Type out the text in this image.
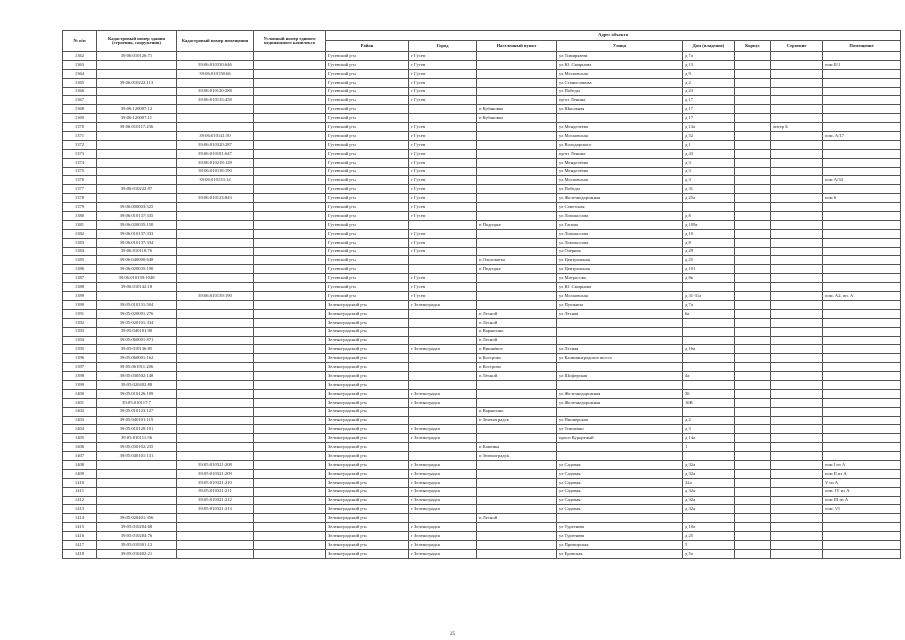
№ п/п	Кадастровый номер здания (строения, сооружения)	Кадастровый номер помещения	Условный номер единого недвижимого комплекса	Адрес объекта							
				Район	Город	Населенный пункт	Улица	Дом (владение)	Корпус	Строение	Помещение
1362	39:06:010126:71			Гусевский р-н	г Гусев		ул Тимирязева	д 7а			
1363		39:06:010330:646		Гусевский р-н	г Гусев		ул Ю. Смирнова	д 13			пом II/1
1364		39:06:010158:66		Гусевский р-н	г Гусев		ул Московская	д 9			
1365	39:06:010222:113			Гусевский р-н	г Гусев		ул Станиславова	д 2			
1366		39:06:010120:288		Гусевский р-н	г Гусев		ул Победы	д 23			
1367		39:06:010135:458		Гусевский р-н	г Гусев		пр-кт Ленина	д 17			
1368	39:06:120007:12			Гусевский р-н		п Кубановка	ул Школьная	д 17			
1369	39:06:120007:11			Гусевский р-н		п Кубановка		д 17			
1370	39:06:010117:236			Гусевский р-н	г Гусев		ул Менделеева	д 13а		литер Б	
1371		39:06:010141:50		Гусевский р-н	г Гусев		ул Московская	д 52			пом. А/17
1372		39:06:010320:287		Гусевский р-н	г Гусев		ул Володарского	д 1			
1373		39:06:010181:647		Гусевский р-н	г Гусев		пр-кт Ленина	д 43			
1374		39:06:010218:128		Гусевский р-н	г Гусев		ул Менделеева	д 3			
1375		39:06:010118:190		Гусевский р-н	г Гусев		ул Менделеева	д 3			
1376		39:06:010133:14		Гусевский р-н	г Гусев		ул Московская	д 3			пом А/34
1377	39:06:010222:97			Гусевский р-н	г Гусев		ул Победы	д 31			
1378		39:06:010123:843		Гусевский р-н	г Гусев		ул Железнодорожная	д 25а			пом 6
1379	39:06:000003:525			Гусевский р-н	г Гусев		ул Советская				
1380	39:06:010137:335			Гусевский р-н	г Гусев		ул Ломоносова	д 8			
1381	39:06:020035:150			Гусевский р-н		п Подгорье	ул Гагина	д 109а			
1382	39:06:010137:333			Гусевский р-н	г Гусев		ул Ломоносова	д 10			
1383	39:06:010137:334			Гусевский р-н	г Гусев		ул Ломоносова	д 8			
1384	39:06:010118:76			Гусевский р-н	г Гусев		ул Озёрная	д 29			
1385	39:06:040000:648			Гусевский р-н		п Ольховатка	ул Центральная	д 25			
1386	39:06:020035:190			Гусевский р-н		п Подгорье	ул Центральная	д 101			
1387	39:06:010139:1048			Гусевский р-н	г Гусев		ул Матросова	д 8в			
1388	39:06:010142:18			Гусевский р-н	г Гусев		ул Ю. Смирнова				
1389		39:06:010139:190		Гусевский р-н	г Гусев		ул Московская	д 31-31а			пом. А2, пп. А
1390	39:05:010131:504			Зеленоградский р-н	г Зеленоградск		ул Пушкина	д 7а			
1391	39:05:020001:276			Зеленоградский р-н		п Лесной	ул Лесная	6а			
1392	39:05:020101:334			Зеленоградский р-н		п Лесной					
1393	39:05:040101:90			Зеленоградский р-н		п Вараксино					
1394	39:05:060001:871			Зеленоградский р-н		п Лесной					
1395	39:05:010136:85			Зеленоградский р-н	г Зеленоградск	п Вишнёвое	ул Лесная	д 16а			
1396	39:05:060001:162			Зеленоградский р-н		п Кострово	ул Калининградское шоссе				
1397	39:05:061911:206			Зеленоградский р-н		п Кострово					
1398	39:05:030502:148			Зеленоградский р-н		п Лесной	ул Шоферская	4а			
1399	39:05:020402:88			Зеленоградский р-н							
1400	39:05:010126:109			Зеленоградский р-н	г Зеленоградск		ул Железнодорожная	36			
1401	39:05:010117:7			Зеленоградский р-н	г Зеленоградск		ул Железнодорожная	16В			
1402	39:05:010123:127			Зеленоградский р-н		п Вараксино					
1403	39:05:040101:119			Зеленоградский р-н		п Зеленоградск	ул Пионерская	д 2			
1404	39:05:010120:101			Зеленоградский р-н	г Зеленоградск		ул Тимченко	д 3			
1405	39:05:010111:56			Зеленоградский р-н	г Зеленоградск		прoсп Курортный	д 14а			
1406	39:05:030102:235			Зеленоградский р-н		п Каменка		1			
1407	39:05:040101:131			Зеленоградский р-н		п Зеленоградск					
1408		39:05:010321:208		Зеленоградский р-н	г Зеленоградск		ул Садовая	д 32а			пом I из А
1409		39:05:010321:209		Зеленоградский р-н	г Зеленоградск		ул Садовая	д 32а			пом II из А
1410		39:05:010321:210		Зеленоградский р-н	г Зеленоградск		ул Садовая	32а			V из А
1411		39:05:010321:211		Зеленоградский р-н	г Зеленоградск		ул Садовая	д 32а			пом. IV из А
1412		39:05:010321:212		Зеленоградский р-н	г Зеленоградск		ул Садовая	д 32а			пом III из А
1413		39:05:010321:213		Зеленоградский р-н	г Зеленоградск		ул Садовая	д 32а			пом. VI
1414	39:05:020401:356			Зеленоградский р-н		п Лесной					
1415	39:05:010204:68			Зеленоградский р-н	г Зеленоградск		ул Тургенева	д 10а			
1416	39:05:010204:76			Зеленоградский р-н	г Зеленоградск		ул Тургенева	д 25			
1417	39:05:010301:12			Зеленоградский р-н	г Зеленоградск		ул Приморская	5			
1418	39:05:010402:21			Зеленоградский р-н	г Зеленоградск		ул Еровская	д 5а			
25
